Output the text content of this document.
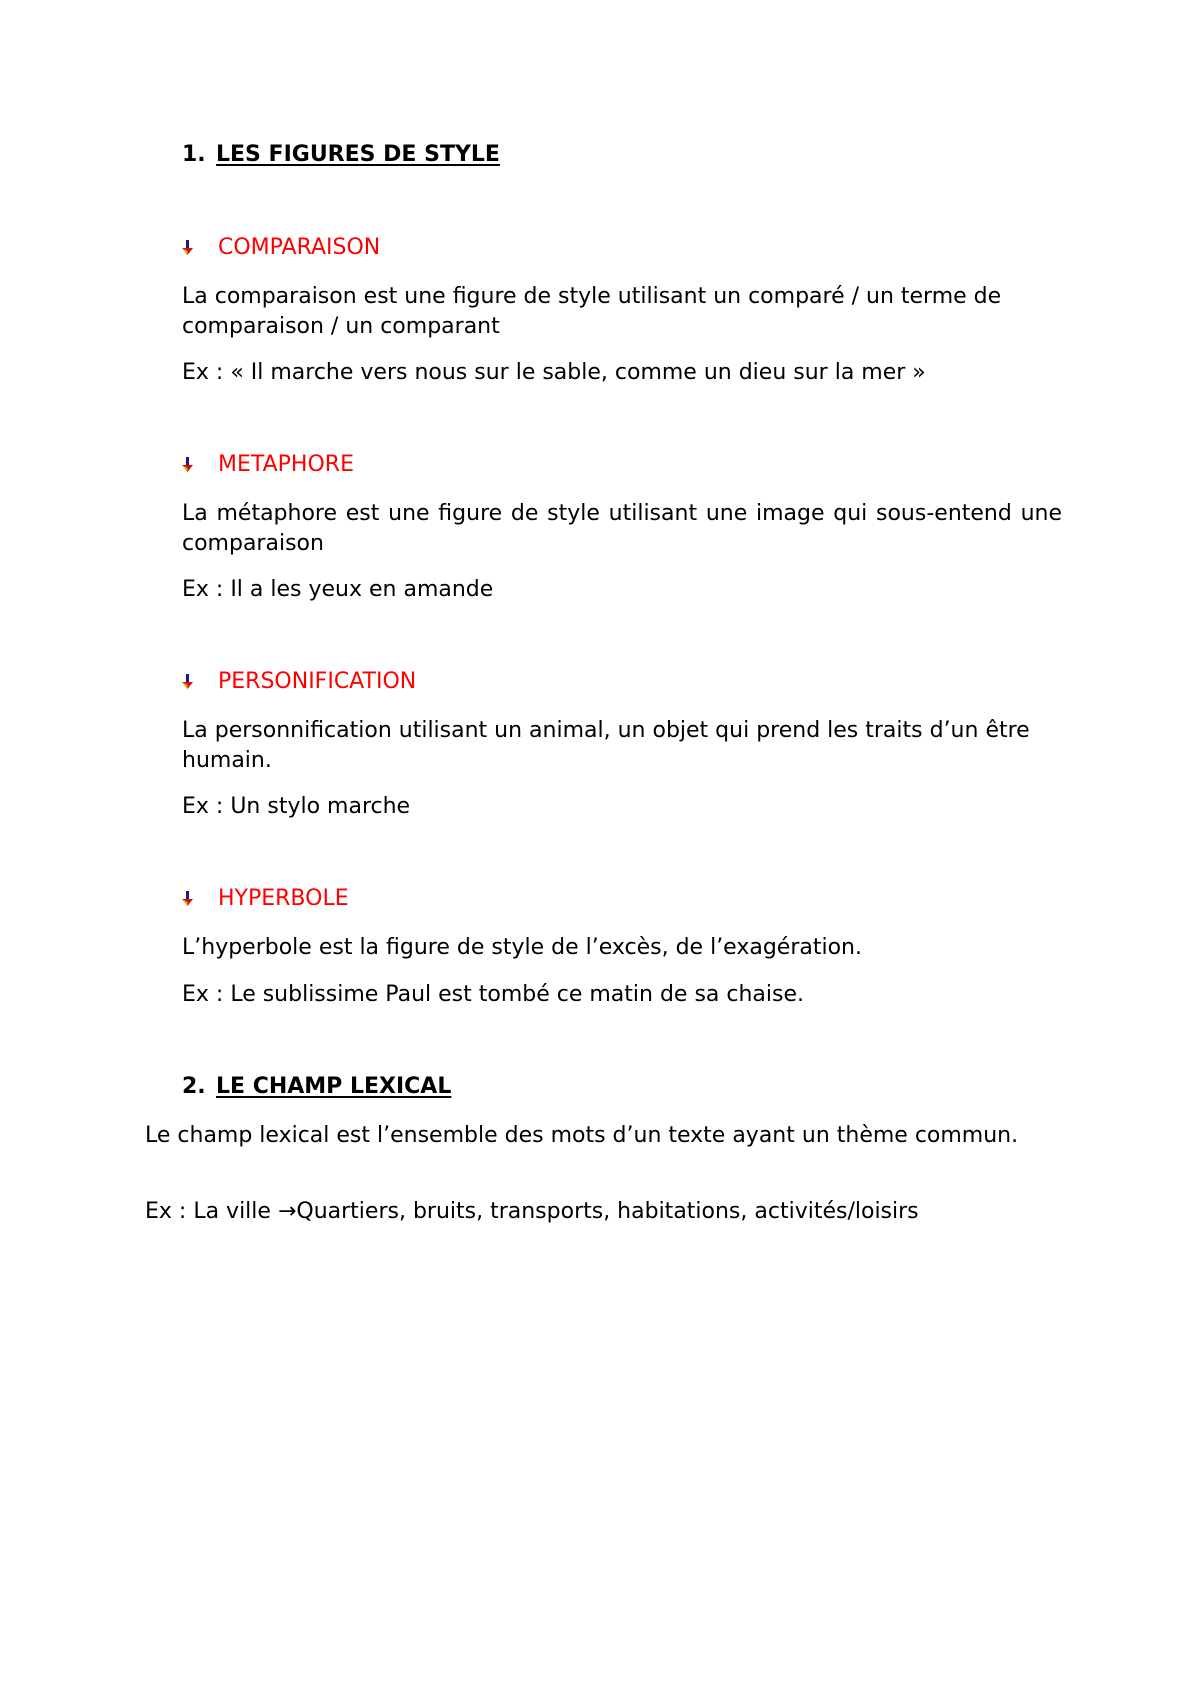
1. LES FIGURES DE STYLE
COMPARAISON

La comparaison est une figure de style utilisant un comparé / un terme de comparaison / un comparant

Ex : « Il marche vers nous sur le sable, comme un dieu sur la mer »

METAPHORE

La métaphore est une figure de style utilisant une image qui sous-entend une comparaison

Ex : Il a les yeux en amande

PERSONIFICATION

La personnification utilisant un animal, un objet qui prend les traits d’un être humain.

Ex : Un stylo marche

HYPERBOLE

L’hyperbole est la figure de style de l’excès, de l’exagération.

Ex : Le sublissime Paul est tombé ce matin de sa chaise.

2. LE CHAMP LEXICAL

Le champ lexical est l’ensemble des mots d’un texte ayant un thème commun.

Ex : La ville →Quartiers, bruits, transports, habitations, activités/loisirs
